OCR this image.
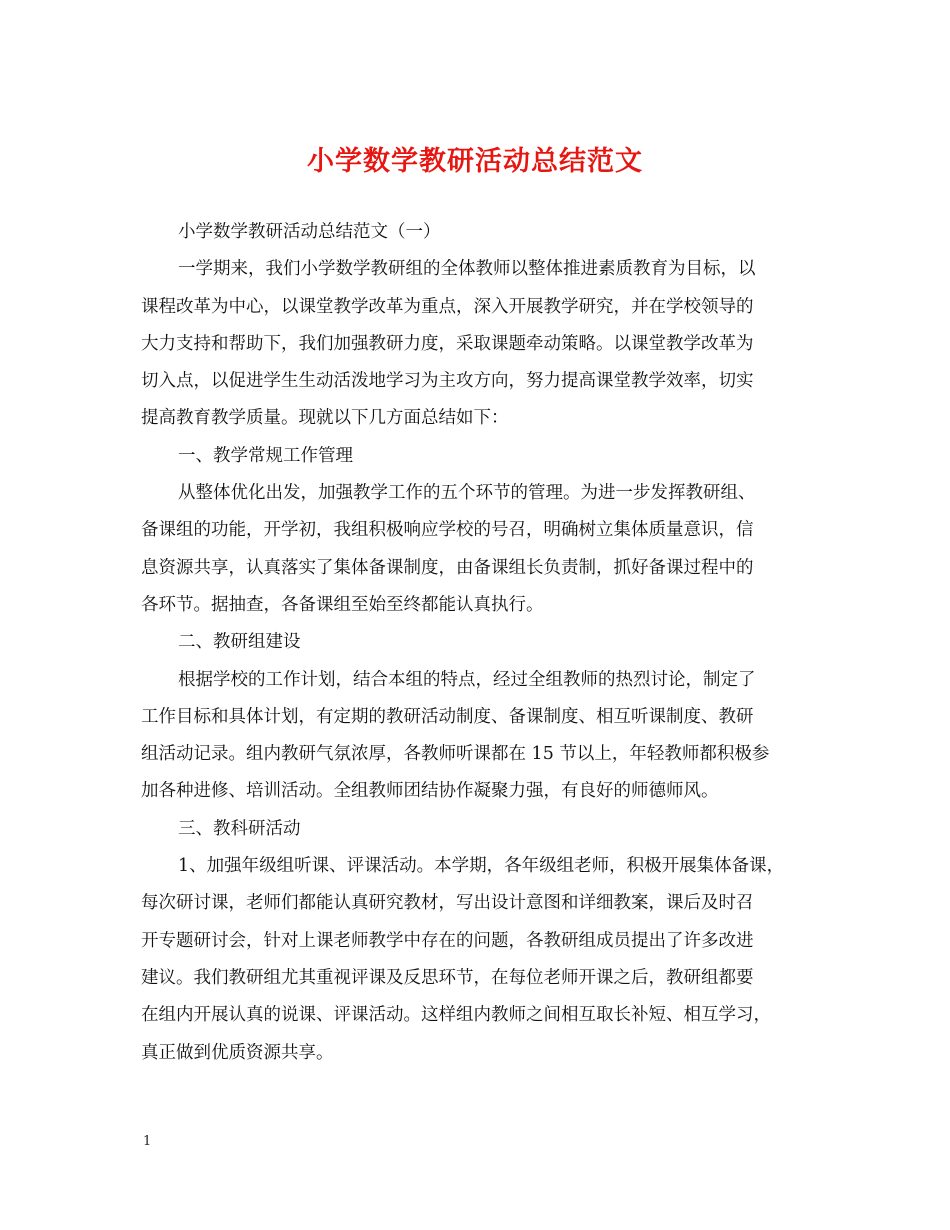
小学数学教研活动总结范文
小学数学教研活动总结范文（一）
一学期来，我们小学数学教研组的全体教师以整体推进素质教育为目标，以
课程改革为中心，以课堂教学改革为重点，深入开展教学研究，并在学校领导的
大力支持和帮助下，我们加强教研力度，采取课题牵动策略。以课堂教学改革为
切入点，以促进学生生动活泼地学习为主攻方向，努力提高课堂教学效率，切实
提高教育教学质量。现就以下几方面总结如下：
一、教学常规工作管理
从整体优化出发，加强教学工作的五个环节的管理。为进一步发挥教研组、
备课组的功能，开学初，我组积极响应学校的号召，明确树立集体质量意识，信
息资源共享，认真落实了集体备课制度，由备课组长负责制，抓好备课过程中的
各环节。据抽查，各备课组至始至终都能认真执行。
二、教研组建设
根据学校的工作计划，结合本组的特点，经过全组教师的热烈讨论，制定了
工作目标和具体计划，有定期的教研活动制度、备课制度、相互听课制度、教研
组活动记录。组内教研气氛浓厚，各教师听课都在 15 节以上，年轻教师都积极参
加各种进修、培训活动。全组教师团结协作凝聚力强，有良好的师德师风。
三、教科研活动
1、加强年级组听课、评课活动。本学期，各年级组老师，积极开展集体备课，
每次研讨课，老师们都能认真研究教材，写出设计意图和详细教案，课后及时召
开专题研讨会，针对上课老师教学中存在的问题，各教研组成员提出了许多改进
建议。我们教研组尤其重视评课及反思环节，在每位老师开课之后，教研组都要
在组内开展认真的说课、评课活动。这样组内教师之间相互取长补短、相互学习，
真正做到优质资源共享。
1
